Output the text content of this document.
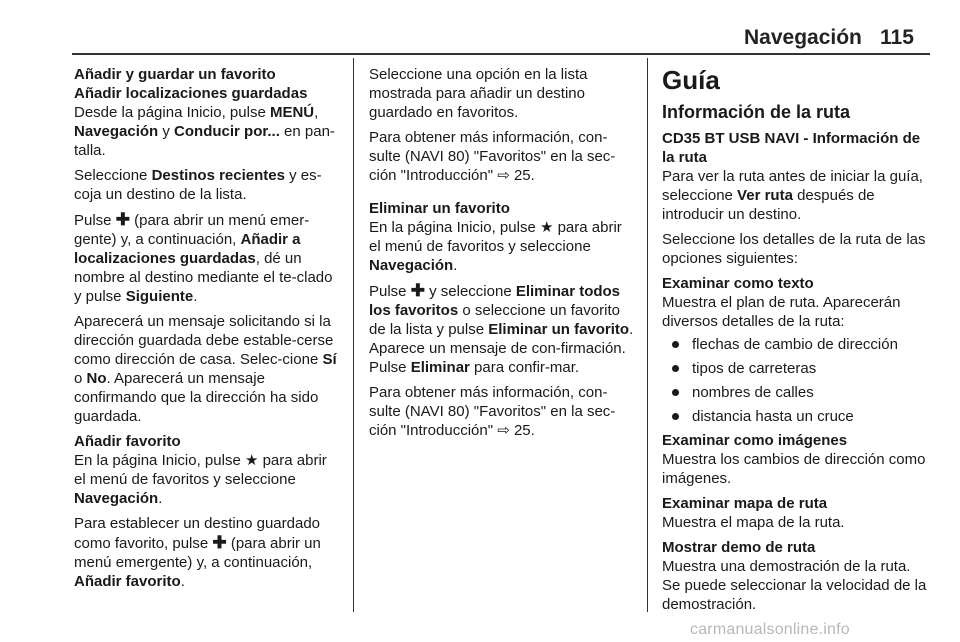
Navegación 115

Añadir y guardar un favorito

Añadir localizaciones guardadas

Desde la página Inicio, pulse MENÚ, Navegación y Conducir por... en pan-talla.

Seleccione Destinos recientes y es-coja un destino de la lista.

Pulse ✚ (para abrir un menú emer-gente) y, a continuación, Añadir a localizaciones guardadas, dé un nombre al destino mediante el te-clado y pulse Siguiente.

Aparecerá un mensaje solicitando si la dirección guardada debe estable-cerse como dirección de casa. Selec-cione Sí o No. Aparecerá un mensaje confirmando que la dirección ha sido guardada.

Añadir favorito

En la página Inicio, pulse ★ para abrir el menú de favoritos y seleccione Navegación.

Para establecer un destino guardado como favorito, pulse ✚ (para abrir un menú emergente) y, a continuación, Añadir favorito.

Seleccione una opción en la lista mostrada para añadir un destino guardado en favoritos.

Para obtener más información, con-sulte (NAVI 80) "Favoritos" en la sec-ción "Introducción" ⇨ 25.

Eliminar un favorito

En la página Inicio, pulse ★ para abrir el menú de favoritos y seleccione Navegación.

Pulse ✚ y seleccione Eliminar todos los favoritos o seleccione un favorito de la lista y pulse Eliminar un favorito. Aparece un mensaje de con-firmación. Pulse Eliminar para confir-mar.

Para obtener más información, con-sulte (NAVI 80) "Favoritos" en la sec-ción "Introducción" ⇨ 25.

Guía

Información de la ruta

CD35 BT USB NAVI - Información de la ruta

Para ver la ruta antes de iniciar la guía, seleccione Ver ruta después de introducir un destino.

Seleccione los detalles de la ruta de las opciones siguientes:

Examinar como texto

Muestra el plan de ruta. Aparecerán diversos detalles de la ruta:

flechas de cambio de dirección
tipos de carreteras
nombres de calles
distancia hasta un cruce

Examinar como imágenes

Muestra los cambios de dirección como imágenes.

Examinar mapa de ruta

Muestra el mapa de la ruta.

Mostrar demo de ruta

Muestra una demostración de la ruta. Se puede seleccionar la velocidad de la demostración.

carmanualsonline.info
